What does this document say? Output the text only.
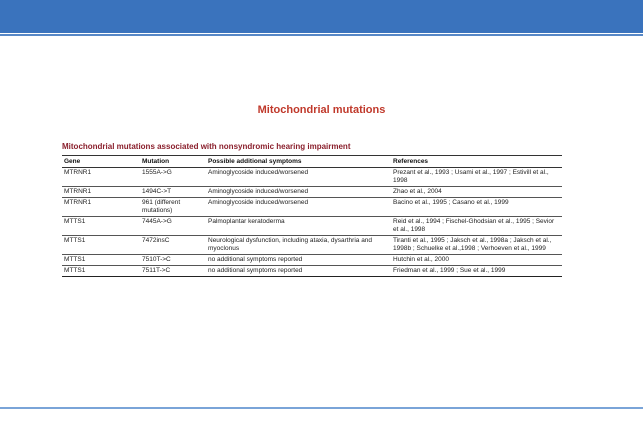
Mitochondrial mutations
Mitochondrial mutations associated with nonsyndromic hearing impairment
Gene	Mutation	Possible additional symptoms	References
MTRNR1	1555A->G	Aminoglycoside induced/worsened	Prezant et al., 1993 ; Usami et al., 1997 ; Estivill et al., 1998
MTRNR1	1494C->T	Aminoglycoside induced/worsened	Zhao et al., 2004
MTRNR1	961 (different mutations)	Aminoglycoside induced/worsened	Bacino et al., 1995 ; Casano et al., 1999
MTTS1	7445A->G	Palmoplantar keratoderma	Reid et al., 1994 ; Fischel-Ghodsian et al., 1995 ; Sevior et al., 1998
MTTS1	7472insC	Neurological dysfunction, including ataxia, dysarthria and myoclonus	Tiranti et al., 1995 ; Jaksch et al., 1998a ; Jaksch et al., 1998b ; Schuelke et al.,1998 ; Verhoeven et al., 1999
MTTS1	7510T->C	no additional symptoms reported	Hutchin et al., 2000
MTTS1	7511T->C	no additional symptoms reported	Friedman et al., 1999 ; Sue et al., 1999
